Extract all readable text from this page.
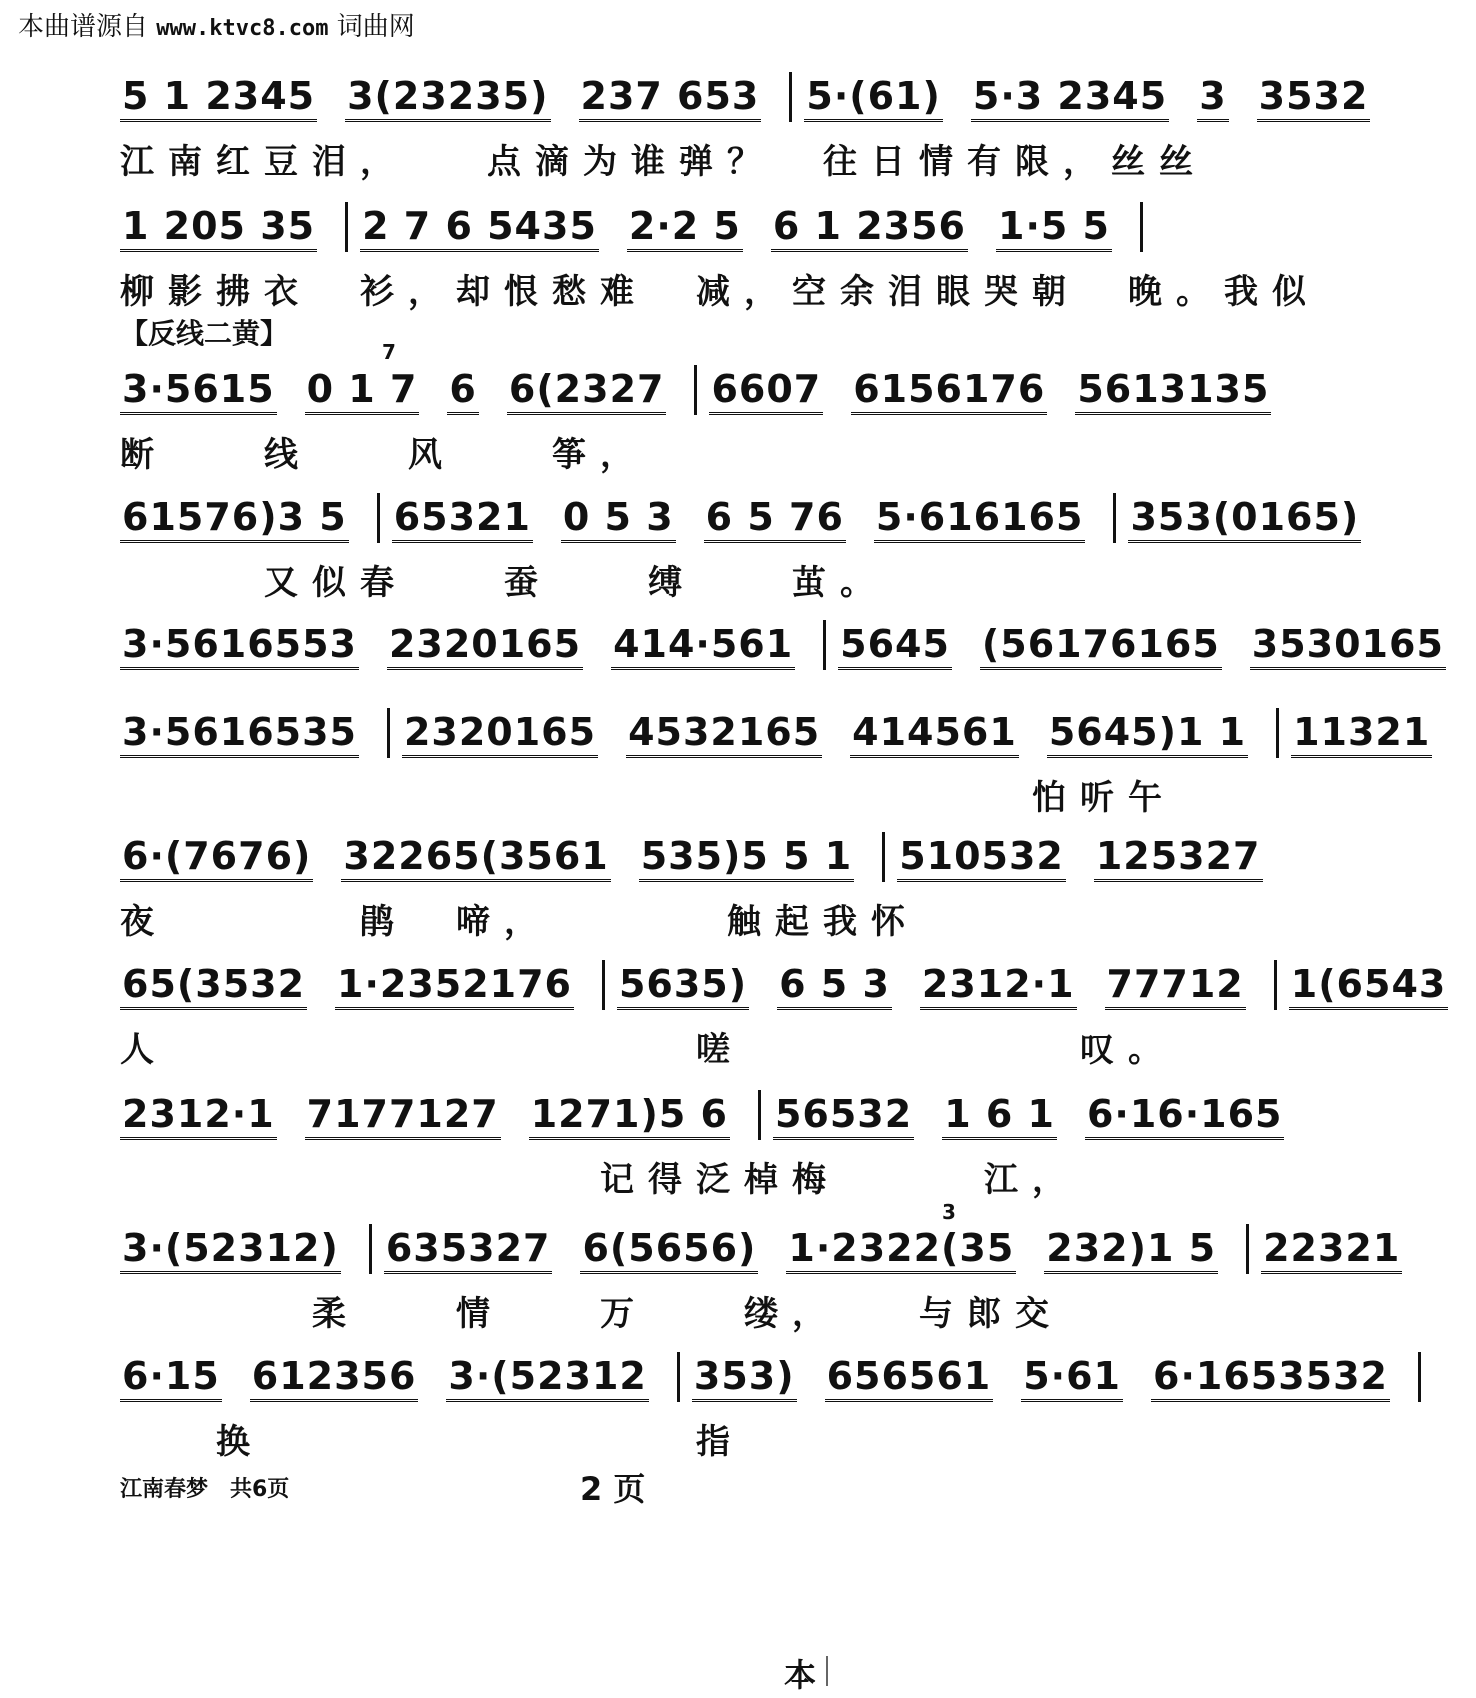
本曲谱源自 www.ktvc8.com 词曲网
【反线二黄】
5 1 2345 3(23235) 237 653 5·(61) 5·3 2345 3 3532
江南红豆泪，　　点滴为谁弹？　往日情有限，丝丝
1 205 35 2 7 6 5435 2·2 5 6 1 2356 1·5 5
柳影拂衣　衫，却恨愁难　减，空余泪眼哭朝　晚。我似
3·5615 0 1 7 6 6(2327 6607 6156176 5613135
断　　线　　风　　筝，
61576)3 5 65321 0 5 3 6 5 76 5·616165 353(0165)
　　　又似春　　蚕　　缚　　茧。
3·5616553 2320165 414·561 5645 (56176165 3530165
3·5616535 2320165 4532165 414561 5645)1 1 11321
　　　　　　　　　　　　　　　　　　　怕听午
6·(7676) 32265(3561 535)5 5 1 510532 125327
夜　　　　鹃　啼，　　　　触起我怀
65(3532 1·2352176 5635) 6 5 3 2312·1 77712 1(6543
人　　　　　　　　　　　嗟　　　　　　　叹。
2312·1 7177127 1271)5 6 56532 1 6 1 6·16·165
　　　　　　　　　　记得泛棹梅　　　江，
3·(52312) 635327 6(5656) 1·2322(35 232)1 5 22321
　　　　柔　　情　　万　　缕，　　与郎交
6·15 612356 3·(52312 353) 656561 5·61 6·1653532
　　换　　　　　　　　　指
7
3
江南春梦　共6页	2 页
本
